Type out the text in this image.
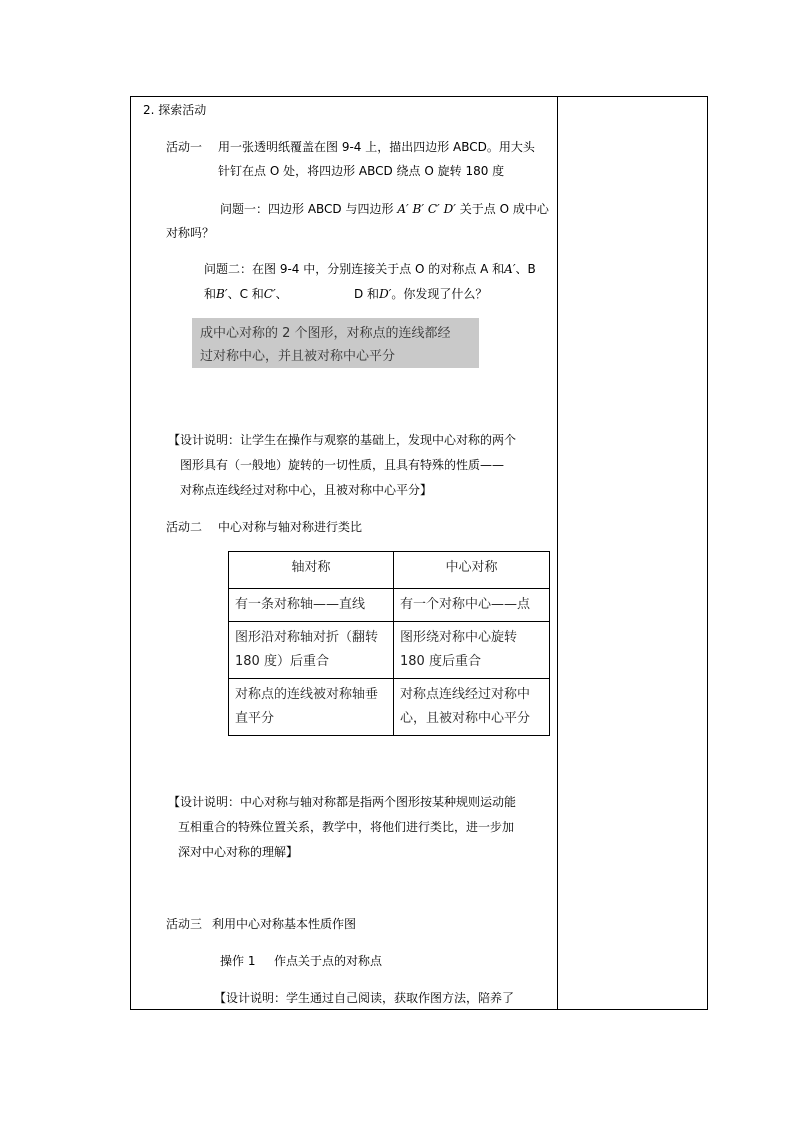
2. 探索活动
活动一 用一张透明纸覆盖在图 9-4 上，描出四边形 ABCD。用大头
针钉在点 O 处，将四边形 ABCD 绕点 O 旋转 180 度
问题一：四边形 ABCD 与四边形 A′ B′ C′ D′ 关于点 O 成中心
对称吗？
问题二：在图 9-4 中，分别连接关于点 O 的对称点 A 和A′、B
和B′、C 和C′、	D 和D′。你发现了什么？
成中心对称的 2 个图形，对称点的连线都经
过对称中心，并且被对称中心平分
【设计说明：让学生在操作与观察的基础上，发现中心对称的两个
图形具有（一般地）旋转的一切性质，且具有特殊的性质——
对称点连线经过对称中心，且被对称中心平分】
活动二 中心对称与轴对称进行类比
轴对称	中心对称
有一条对称轴——直线	有一个对称中心——点
图形沿对称轴对折（翻转 180 度）后重合	图形绕对称中心旋转 180 度后重合
对称点的连线被对称轴垂直平分	对称点连线经过对称中心，且被对称中心平分
【设计说明：中心对称与轴对称都是指两个图形按某种规则运动能
互相重合的特殊位置关系，教学中，将他们进行类比，进一步加
深对中心对称的理解】
活动三 利用中心对称基本性质作图
操作 1 作点关于点的对称点
【设计说明：学生通过自己阅读，获取作图方法，陪养了
